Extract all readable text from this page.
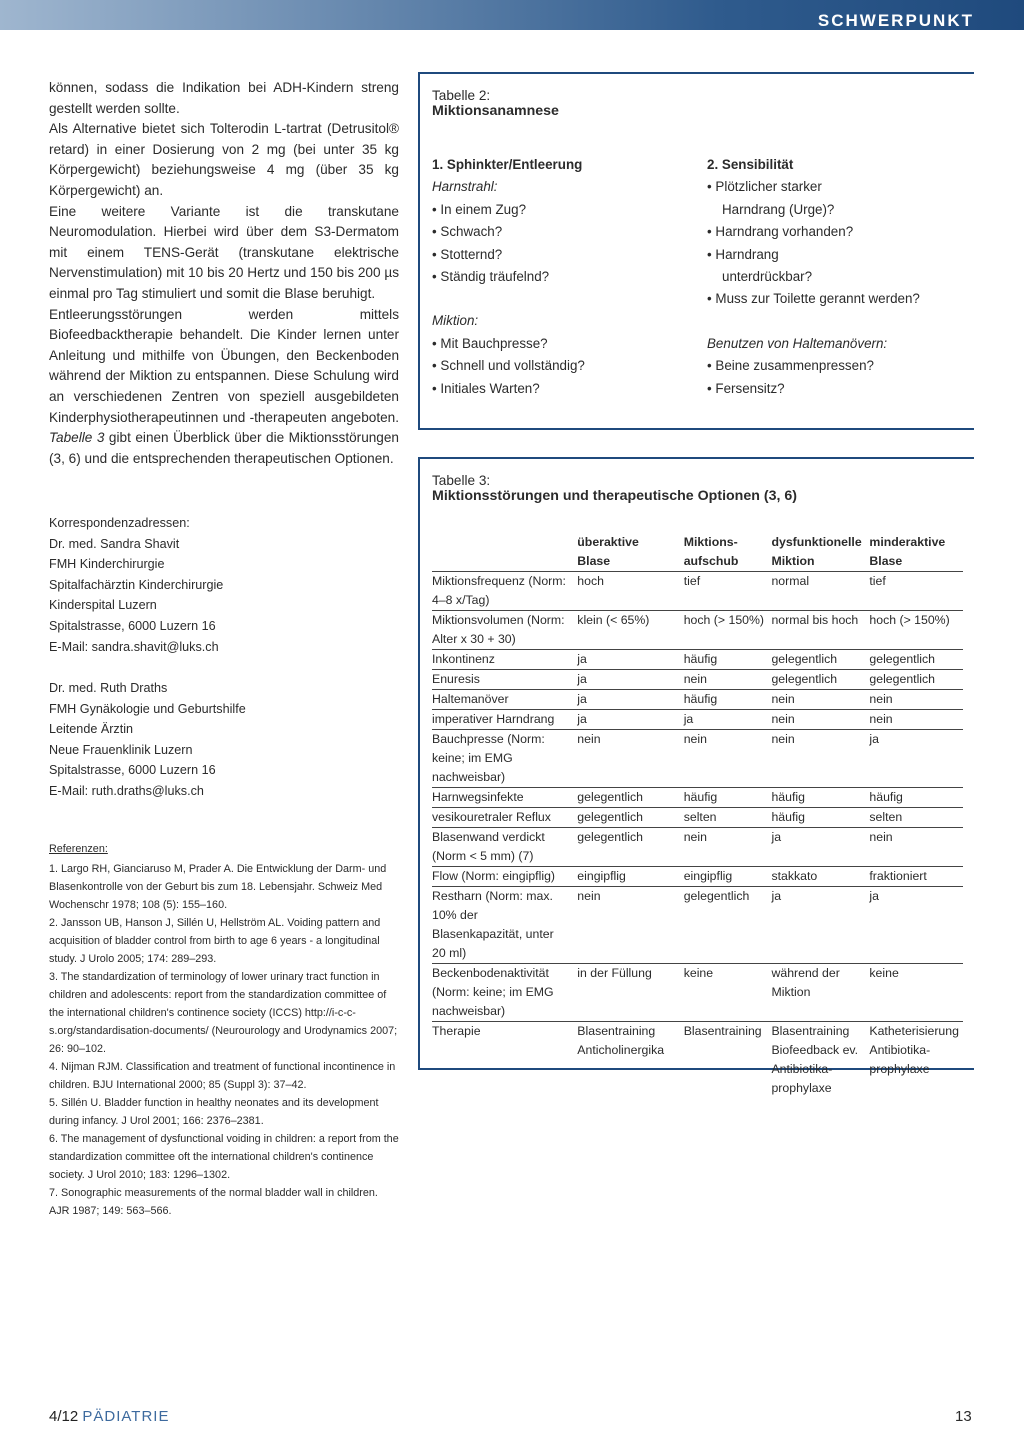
SCHWERPUNKT

können, sodass die Indikation bei ADH-Kindern streng gestellt werden sollte.

Als Alternative bietet sich Tolterodin L-tartrat (Detrusitol® retard) in einer Dosierung von 2 mg (bei unter 35 kg Körpergewicht) beziehungsweise 4 mg (über 35 kg Körpergewicht) an.

Eine weitere Variante ist die transkutane Neuromodulation. Hierbei wird über dem S3-Dermatom mit einem TENS-Gerät (transkutane elektrische Nervenstimulation) mit 10 bis 20 Hertz und 150 bis 200 µs einmal pro Tag stimuliert und somit die Blase beruhigt.

Entleerungsstörungen werden mittels Biofeedbacktherapie behandelt. Die Kinder lernen unter Anleitung und mithilfe von Übungen, den Beckenboden während der Miktion zu entspannen. Diese Schulung wird an verschiedenen Zentren von speziell ausgebildeten Kinderphysiotherapeutinnen und -therapeuten angeboten. Tabelle 3 gibt einen Überblick über die Miktionsstörungen (3, 6) und die entsprechenden therapeutischen Optionen.

Korrespondenzadressen:
Dr. med. Sandra Shavit
FMH Kinderchirurgie
Spitalfachärztin Kinderchirurgie
Kinderspital Luzern
Spitalstrasse, 6000 Luzern 16
E-Mail: sandra.shavit@luks.ch
Dr. med. Ruth Draths
FMH Gynäkologie und Geburtshilfe
Leitende Ärztin
Neue Frauenklinik Luzern
Spitalstrasse, 6000 Luzern 16
E-Mail: ruth.draths@luks.ch
Referenzen:
1. Largo RH, Gianciaruso M, Prader A. Die Entwicklung der Darm- und Blasenkontrolle von der Geburt bis zum 18. Lebensjahr. Schweiz Med Wochenschr 1978; 108 (5): 155–160.
2. Jansson UB, Hanson J, Sillén U, Hellström AL. Voiding pattern and acquisition of bladder control from birth to age 6 years - a longitudinal study. J Urolo 2005; 174: 289–293.
3. The standardization of terminology of lower urinary tract function in children and adolescents: report from the standardization committee of the international children's continence society (ICCS) http://i-c-c-s.org/standardisation-documents/ (Neurourology and Urodynamics 2007; 26: 90–102.
4. Nijman RJM. Classification and treatment of functional incontinence in children. BJU International 2000; 85 (Suppl 3): 37–42.
5. Sillén U. Bladder function in healthy neonates and its development during infancy. J Urol 2001; 166: 2376–2381.
6. The management of dysfunctional voiding in children: a report from the standardization committee oft the international children's continence society. J Urol 2010; 183: 1296–1302.
7. Sonographic measurements of the normal bladder wall in children. AJR 1987; 149: 563–566.

Tabelle 2:

Miktionsanamnese

1. Sphinkter/Entleerung
Harnstrahl:
• In einem Zug?
• Schwach?
• Stotternd?
• Ständig träufelnd?
Miktion:
• Mit Bauchpresse?
• Schnell und vollständig?
• Initiales Warten?
2. Sensibilität
• Plötzlicher starker Harndrang (Urge)?
• Harndrang vorhanden?
• Harndrang unterdrückbar?
• Muss zur Toilette gerannt werden?
Benutzen von Haltemanövern:
• Beine zusammenpressen?
• Fersensitz?

Tabelle 3:

Miktionsstörungen und therapeutische Optionen (3, 6)

	überaktive Blase	Miktions-aufschub	dysfunktionelle Miktion	minderaktive Blase
Miktionsfrequenz (Norm: 4–8 x/Tag)	hoch	tief	normal	tief
Miktionsvolumen (Norm: Alter x 30 + 30)	klein (< 65%)	hoch (> 150%)	normal bis hoch	hoch (> 150%)
Inkontinenz	ja	häufig	gelegentlich	gelegentlich
Enuresis	ja	nein	gelegentlich	gelegentlich
Haltemanöver	ja	häufig	nein	nein
imperativer Harndrang	ja	ja	nein	nein
Bauchpresse (Norm: keine; im EMG nachweisbar)	nein	nein	nein	ja
Harnwegsinfekte	gelegentlich	häufig	häufig	häufig
vesikouretraler Reflux	gelegentlich	selten	häufig	selten
Blasenwand verdickt (Norm < 5 mm) (7)	gelegentlich	nein	ja	nein
Flow (Norm: eingipflig)	eingipflig	eingipflig	stakkato	fraktioniert
Restharn (Norm: max. 10% der Blasenkapazität, unter 20 ml)	nein	gelegentlich	ja	ja
Beckenbodenaktivität (Norm: keine; im EMG nachweisbar)	in der Füllung	keine	während der Miktion	keine
Therapie	Blasentraining Anticholinergika	Blasentraining	Blasentraining Biofeedback ev. Antibiotika-prophylaxe	Katheterisierung Antibiotika-prophylaxe
4/12 PÄDIATRIE	13
